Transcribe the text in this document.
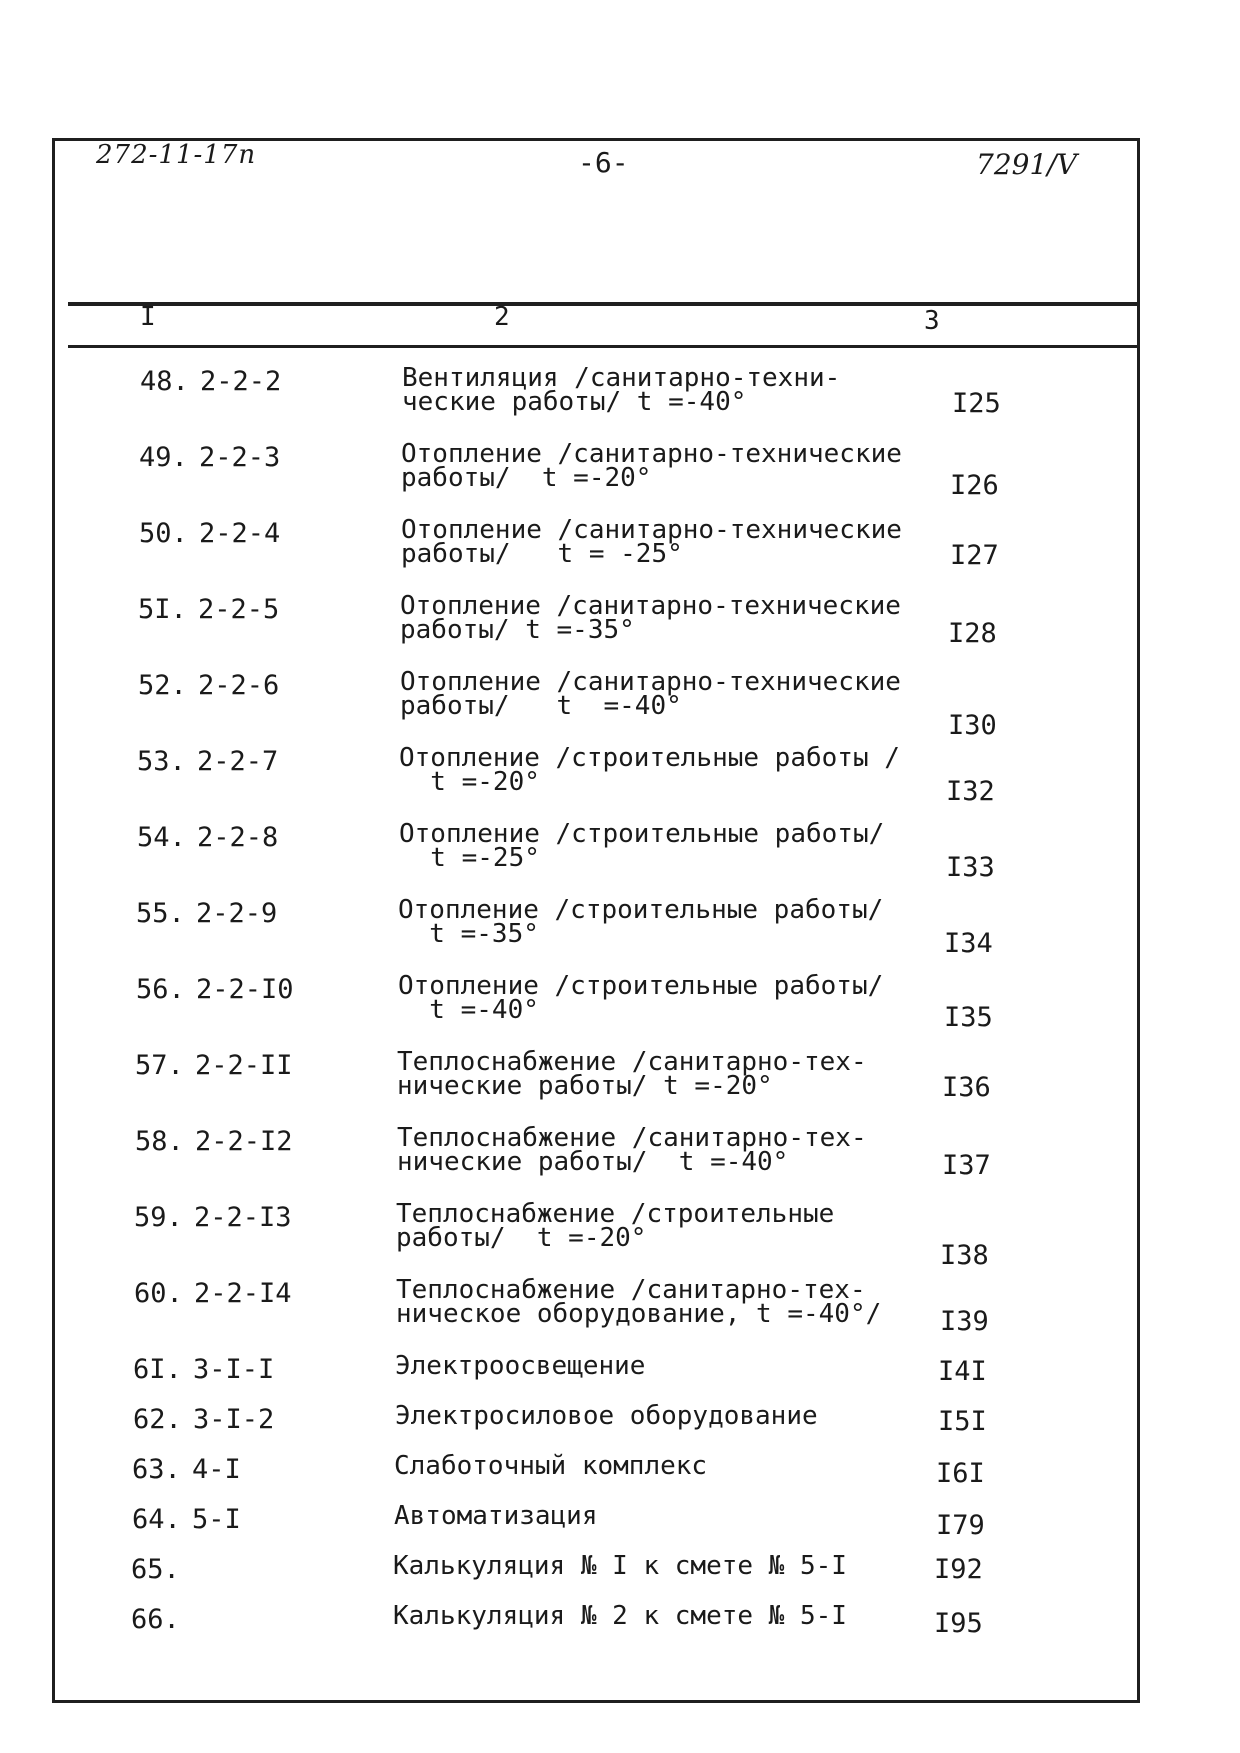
272-11-17п	-6-	7291/V
I	2	3
48. 2-2-2	Вентиляция /санитарно-техни-
ческие работы/ t =-40°	I25
49. 2-2-3	Отопление /санитарно-технические
работы/  t =-20°	I26
50. 2-2-4	Отопление /санитарно-технические
работы/   t = -25°	I27
5I. 2-2-5	Отопление /санитарно-технические
работы/ t =-35°	I28
52. 2-2-6	Отопление /санитарно-технические
работы/   t  =-40°
I30
53. 2-2-7	Отопление /строительные работы /
t =-20°	I32
54. 2-2-8	Отопление /строительные работы/
t =-25°	I33
55. 2-2-9	Отопление /строительные работы/
t =-35°	I34
56. 2-2-I0	Отопление /строительные работы/
t =-40°	I35
57. 2-2-II	Теплоснабжение /санитарно-тех-
нические работы/ t =-20°	I36
58. 2-2-I2	Теплоснабжение /санитарно-тех-
нические работы/  t =-40°	I37
59. 2-2-I3	Теплоснабжение /строительные
работы/  t =-20°
I38
60. 2-2-I4	Теплоснабжение /санитарно-тех-
ническое оборудование, t =-40°/ I39
6I. 3-I-I	Электроосвещение	I4I
62. 3-I-2	Электросиловое оборудование	I5I
63. 4-I	Слаботочный комплекс	I6I
64. 5-I	Автоматизация	I79
65.	Калькуляция № I к смете № 5-I	I92
66.	Калькуляция № 2 к смете № 5-I	I95
